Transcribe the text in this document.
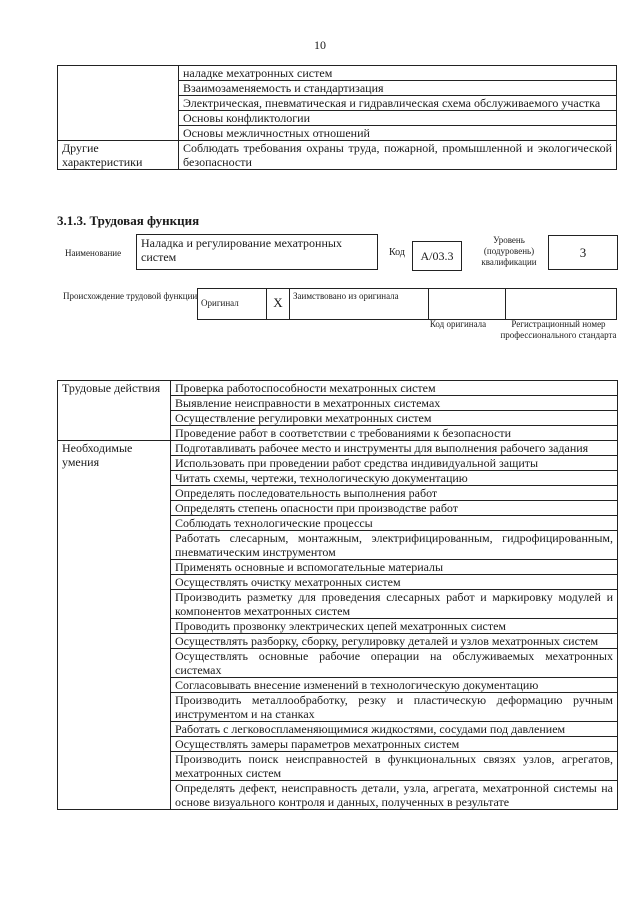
10
	наладке мехатронных систем
	Взаимозаменяемость и стандартизация
	Электрическая, пневматическая и гидравлическая схема обслуживаемого участка
	Основы конфликтологии
	Основы межличностных отношений
Другие характеристики	Соблюдать требования охраны труда, пожарной, промышленной и экологической безопасности
3.1.3. Трудовая функция
Наименование
Наладка и регулирование мехатронных систем	Код	A/03.3
Уровень (подуровень) квалификации
3
Происхождение трудовой функции
Оригинал	X	Заимствовано из оригинала		
Код оригинала	Регистрационный номер профессионального стандарта
Трудовые действия	Проверка работоспособности мехатронных систем
	Выявление неисправности в мехатронных системах
	Осуществление регулировки мехатронных систем
	Проведение работ в соответствии с требованиями к безопасности
Необходимые умения	Подготавливать рабочее место и инструменты для выполнения рабочего задания
	Использовать при проведении работ средства индивидуальной защиты
	Читать схемы, чертежи, технологическую документацию
	Определять последовательность выполнения работ
	Определять степень опасности при производстве работ
	Соблюдать технологические процессы
	Работать слесарным, монтажным, электрифицированным, гидрофицированным, пневматическим инструментом
	Применять основные и вспомогательные материалы
	Осуществлять очистку мехатронных систем
	Производить разметку для проведения слесарных работ и маркировку модулей и компонентов мехатронных систем
	Проводить прозвонку электрических цепей мехатронных систем
	Осуществлять разборку, сборку, регулировку деталей и узлов мехатронных систем
	Осуществлять основные рабочие операции на обслуживаемых мехатронных системах
	Согласовывать внесение изменений в технологическую документацию
	Производить металлообработку, резку и пластическую деформацию ручным инструментом и на станках
	Работать с легковоспламеняющимися жидкостями, сосудами под давлением
	Осуществлять замеры параметров мехатронных систем
	Производить поиск неисправностей в функциональных связях узлов, агрегатов, мехатронных систем
	Определять дефект, неисправность детали, узла, агрегата, мехатронной системы на основе визуального контроля и данных, полученных в результате
